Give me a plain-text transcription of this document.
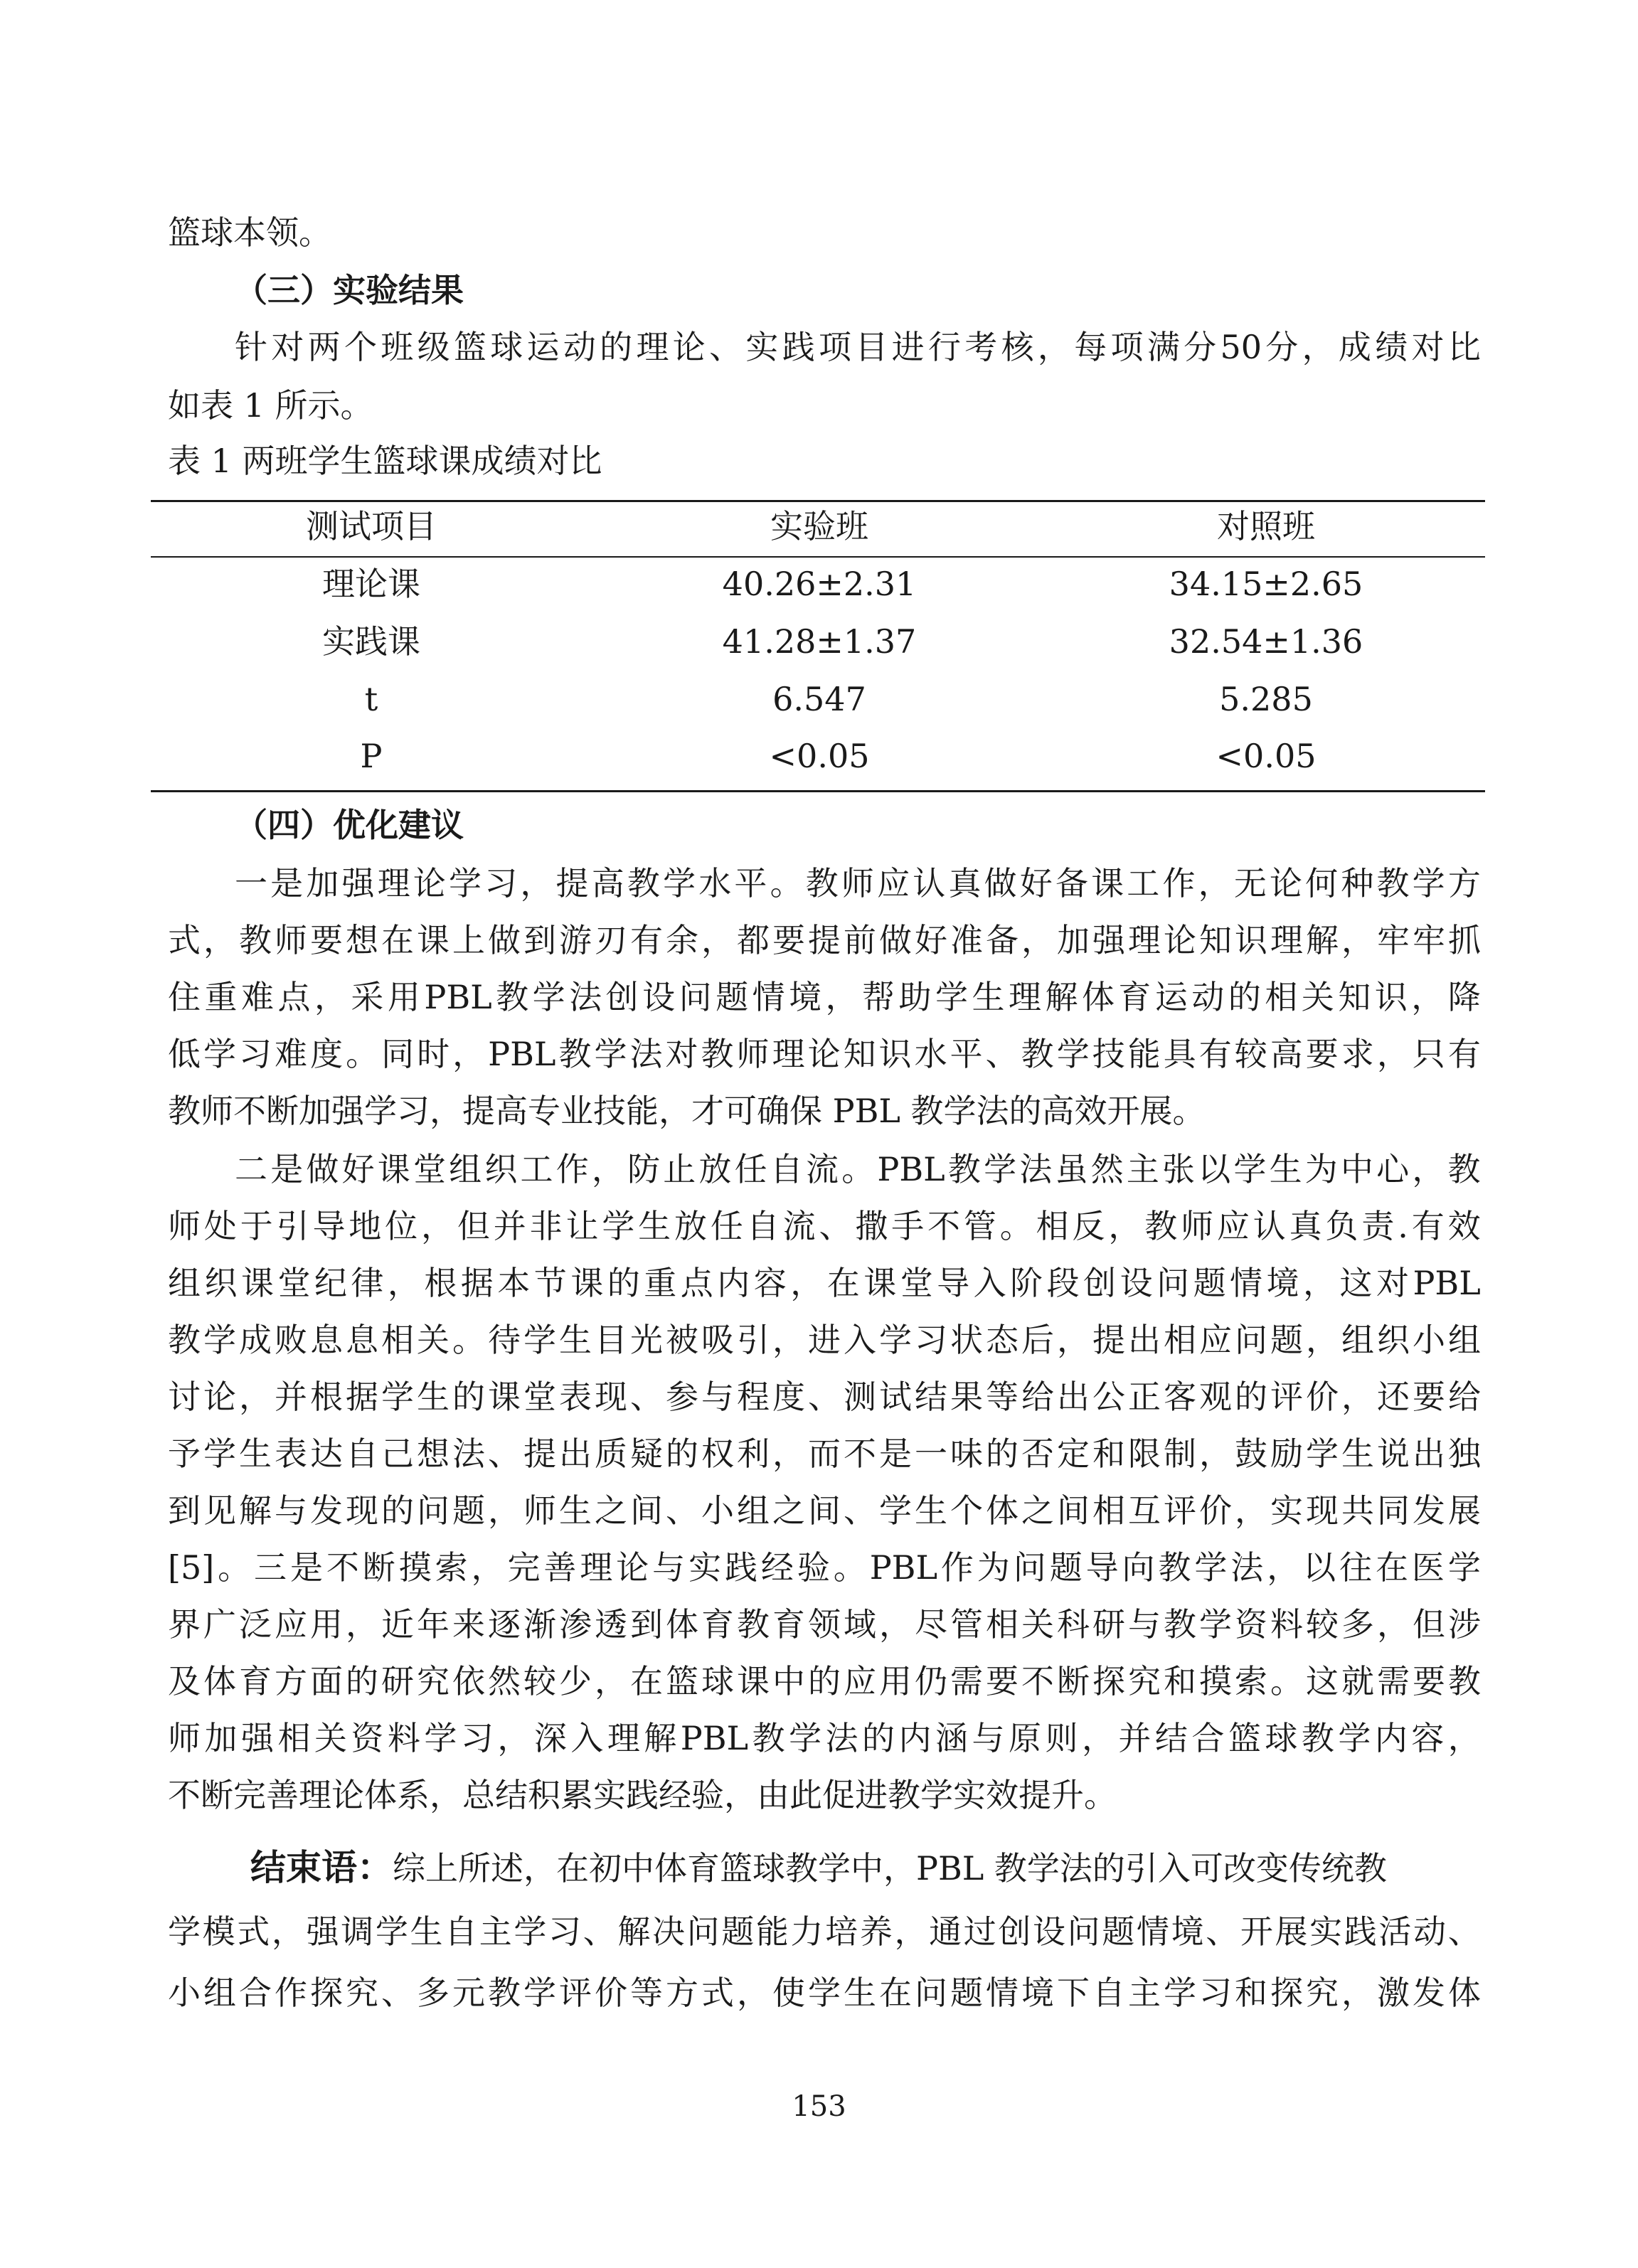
篮球本领。
（三）实验结果
针 对 两 个 班 级 篮 球 运 动 的 理 论 、 实 践 项 目 进 行 考 核 ， 每 项 满 分 50 分 ， 成 绩 对 比
如表 1 所示。
表 1 两班学生篮球课成绩对比
测试项目	实验班	对照班
理论课	40.26±2.31	34.15±2.65
实践课	41.28±1.37	32.54±1.36
t	6.547	5.285
P	<0.05	<0.05
（四）优化建议
一 是 加 强 理 论 学 习 ， 提 高 教 学 水 平 。 教 师 应 认 真 做 好 备 课 工 作 ， 无 论 何 种 教 学 方
式 ， 教 师 要 想 在 课 上 做 到 游 刃 有 余 ， 都 要 提 前 做 好 准 备 ， 加 强 理 论 知 识 理 解 ， 牢 牢 抓
住 重 难 点 ， 采 用 PBL 教 学 法 创 设 问 题 情 境 ， 帮 助 学 生 理 解 体 育 运 动 的 相 关 知 识 ， 降
低 学 习 难 度 。 同 时 ， PBL 教 学 法 对 教 师 理 论 知 识 水 平 、 教 学 技 能 具 有 较 高 要 求 ， 只 有
教师不断加强学习，提高专业技能，才可确保 PBL 教学法的高效开展。
二 是 做 好 课 堂 组 织 工 作 ， 防 止 放 任 自 流 。 PBL 教 学 法 虽 然 主 张 以 学 生 为 中 心 ， 教
师 处 于 引 导 地 位 ， 但 并 非 让 学 生 放 任 自 流 、 撒 手 不 管 。 相 反 ， 教 师 应 认 真 负 责 . 有 效
组 织 课 堂 纪 律 ， 根 据 本 节 课 的 重 点 内 容 ， 在 课 堂 导 入 阶 段 创 设 问 题 情 境 ， 这 对 PBL
教 学 成 败 息 息 相 关 。 待 学 生 目 光 被 吸 引 ， 进 入 学 习 状 态 后 ， 提 出 相 应 问 题 ， 组 织 小 组
讨 论 ， 并 根 据 学 生 的 课 堂 表 现 、 参 与 程 度 、 测 试 结 果 等 给 出 公 正 客 观 的 评 价 ， 还 要 给
予 学 生 表 达 自 己 想 法 、 提 出 质 疑 的 权 利 ， 而 不 是 一 味 的 否 定 和 限 制 ， 鼓 励 学 生 说 出 独
到 见 解 与 发 现 的 问 题 ， 师 生 之 间 、 小 组 之 间 、 学 生 个 体 之 间 相 互 评 价 ， 实 现 共 同 发 展
[5] 。 三 是 不 断 摸 索 ， 完 善 理 论 与 实 践 经 验 。 PBL 作 为 问 题 导 向 教 学 法 ， 以 往 在 医 学
界 广 泛 应 用 ， 近 年 来 逐 渐 渗 透 到 体 育 教 育 领 域 ， 尽 管 相 关 科 研 与 教 学 资 料 较 多 ， 但 涉
及 体 育 方 面 的 研 究 依 然 较 少 ， 在 篮 球 课 中 的 应 用 仍 需 要 不 断 探 究 和 摸 索 。 这 就 需 要 教
师 加 强 相 关 资 料 学 习 ， 深 入 理 解 PBL 教 学 法 的 内 涵 与 原 则 ， 并 结 合 篮 球 教 学 内 容 ，
不断完善理论体系，总结积累实践经验，由此促进教学实效提升。
结束语：综上所述，在初中体育篮球教学中，PBL 教学法的引入可改变传统教
学 模 式 ， 强 调 学 生 自 主 学 习 、 解 决 问 题 能 力 培 养 ， 通 过 创 设 问 题 情 境 、 开 展 实 践 活 动 、
小 组 合 作 探 究 、 多 元 教 学 评 价 等 方 式 ， 使 学 生 在 问 题 情 境 下 自 主 学 习 和 探 究 ， 激 发 体
153
